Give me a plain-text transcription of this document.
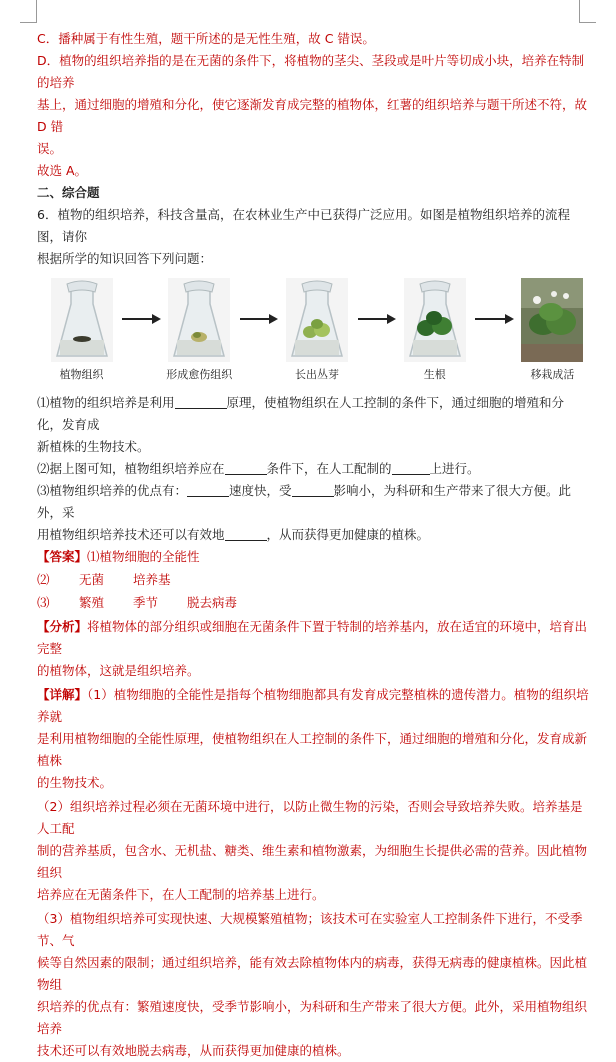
C．播种属于有性生殖，题干所述的是无性生殖，故 C 错误。

D．植物的组织培养指的是在无菌的条件下，将植物的茎尖、茎段或是叶片等切成小块，培养在特制的培养

基上，通过细胞的增殖和分化，使它逐渐发育成完整的植物体，红薯的组织培养与题干所述不符，故 D 错

误。

故选 A。

二、综合题

6．植物的组织培养，科技含量高，在农林业生产中已获得广泛应用。如图是植物组织培养的流程图，请你

根据所学的知识回答下列问题：

植物组织	形成愈伤组织	长出丛芽	生根	移栽成活

⑴植物的组织培养是利用	原理，使植物组织在人工控制的条件下，通过细胞的增殖和分化，发育成

新植株的生物技术。

⑵据上图可知，植物组织培养应在	条件下，在人工配制的	上进行。

⑶植物组织培养的优点有：	速度快，受	影响小，为科研和生产带来了很大方便。此外，采

用植物组织培养技术还可以有效地	，从而获得更加健康的植株。

【答案】⑴植物细胞的全能性

⑵	无菌	培养基
⑶	繁殖	季节	脱去病毒

【分析】将植物体的部分组织或细胞在无菌条件下置于特制的培养基内，放在适宜的环境中，培育出完整

的植物体，这就是组织培养。

【详解】（1）植物细胞的全能性是指每个植物细胞都具有发育成完整植株的遗传潜力。植物的组织培养就

是利用植物细胞的全能性原理，使植物组织在人工控制的条件下，通过细胞的增殖和分化，发育成新植株

的生物技术。

（2）组织培养过程必须在无菌环境中进行，以防止微生物的污染，否则会导致培养失败。培养基是人工配

制的营养基质，包含水、无机盐、糖类、维生素和植物激素，为细胞生长提供必需的营养。因此植物组织

培养应在无菌条件下，在人工配制的培养基上进行。

（3）植物组织培养可实现快速、大规模繁殖植物；该技术可在实验室人工控制条件下进行，不受季节、气

候等自然因素的限制；通过组织培养，能有效去除植物体内的病毒，获得无病毒的健康植株。因此植物组

织培养的优点有：繁殖速度快，受季节影响小，为科研和生产带来了很大方便。此外，采用植物组织培养

技术还可以有效地脱去病毒，从而获得更加健康的植株。
